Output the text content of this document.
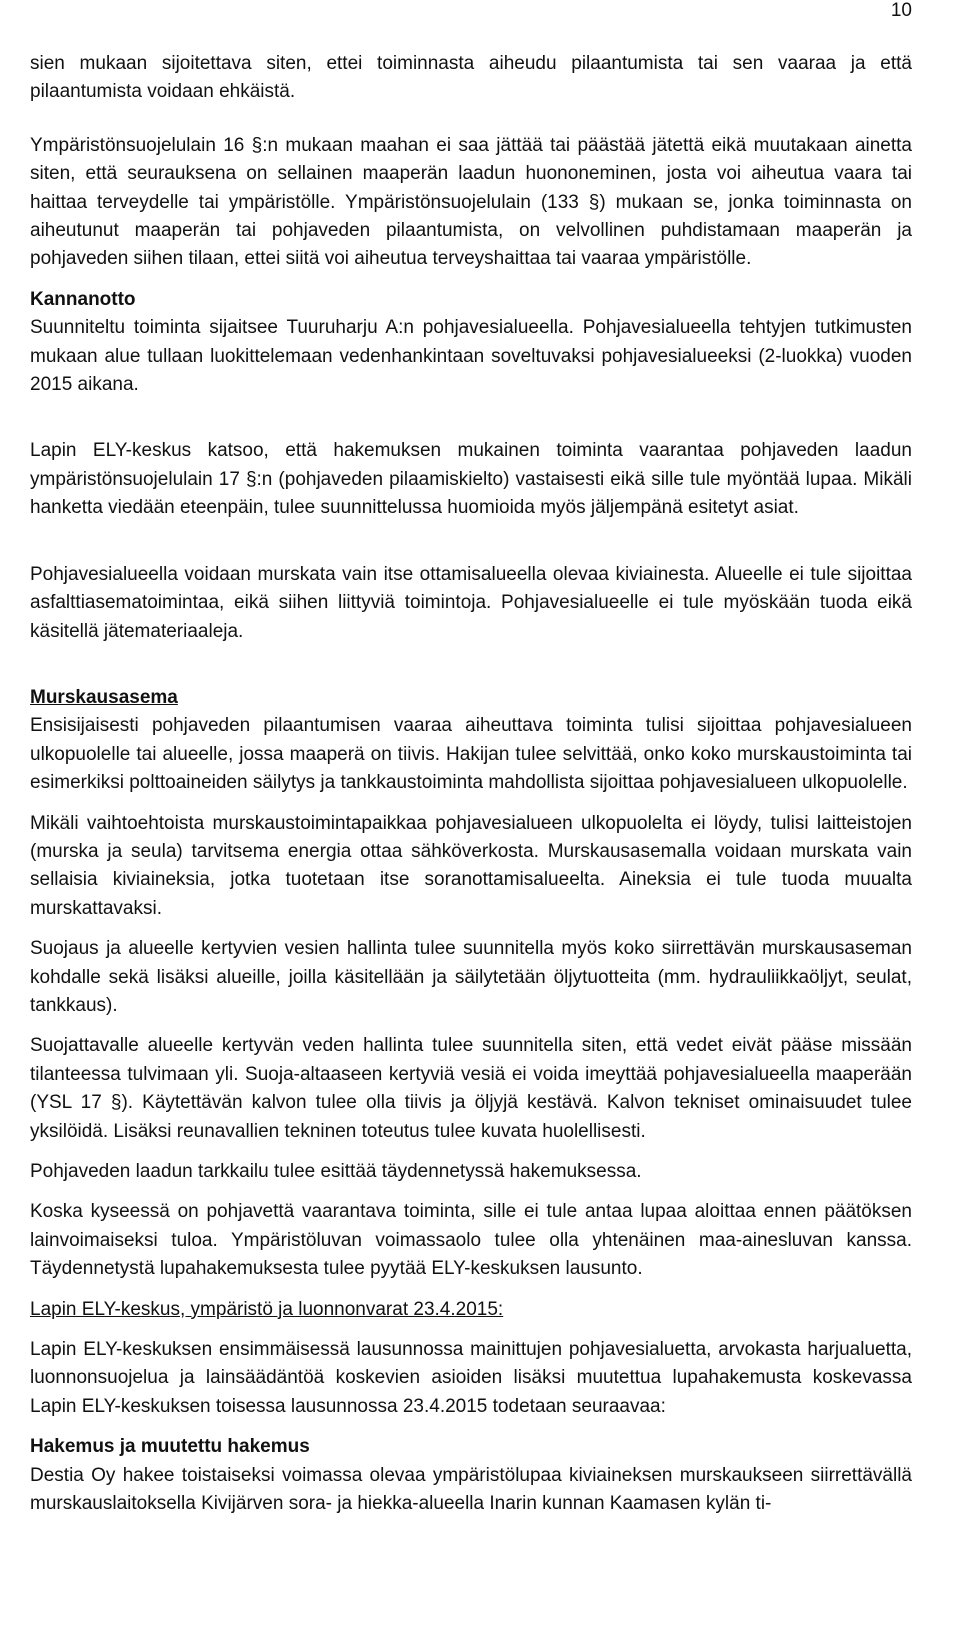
10

sien mukaan sijoitettava siten, ettei toiminnasta aiheudu pilaantumista tai sen vaaraa ja että pilaantumista voidaan ehkäistä.

Ympäristönsuojelulain 16 §:n mukaan maahan ei saa jättää tai päästää jätettä eikä muutakaan ainetta siten, että seurauksena on sellainen maaperän laadun huononeminen, josta voi aiheutua vaara tai haittaa terveydelle tai ympäristölle. Ympäristönsuojelulain (133 §) mukaan se, jonka toiminnasta on aiheutunut maaperän tai pohjaveden pilaantumista, on velvollinen puhdistamaan maaperän ja pohjaveden siihen tilaan, ettei siitä voi aiheutua terveyshaittaa tai vaaraa ympäristölle.

Kannanotto

Suunniteltu toiminta sijaitsee Tuuruharju A:n pohjavesialueella. Pohjavesialueella tehtyjen tutkimusten mukaan alue tullaan luokittelemaan vedenhankintaan soveltuvaksi pohjavesialueeksi (2-luokka) vuoden 2015 aikana.

Lapin ELY-keskus katsoo, että hakemuksen mukainen toiminta vaarantaa pohjaveden laadun ympäristönsuojelulain 17 §:n (pohjaveden pilaamiskielto) vastaisesti eikä sille tule myöntää lupaa. Mikäli hanketta viedään eteenpäin, tulee suunnittelussa huomioida myös jäljempänä esitetyt asiat.

Pohjavesialueella voidaan murskata vain itse ottamisalueella olevaa kiviainesta. Alueelle ei tule sijoittaa asfalttiasematoimintaa, eikä siihen liittyviä toimintoja. Pohjavesialueelle ei tule myöskään tuoda eikä käsitellä jätemateriaaleja.

Murskausasema

Ensisijaisesti pohjaveden pilaantumisen vaaraa aiheuttava toiminta tulisi sijoittaa pohjavesialueen ulkopuolelle tai alueelle, jossa maaperä on tiivis. Hakijan tulee selvittää, onko koko murskaustoiminta tai esimerkiksi polttoaineiden säilytys ja tankkaustoiminta mahdollista sijoittaa pohjavesialueen ulkopuolelle.

Mikäli vaihtoehtoista murskaustoimintapaikkaa pohjavesialueen ulkopuolelta ei löydy, tulisi laitteistojen (murska ja seula) tarvitsema energia ottaa sähköverkosta. Murskausasemalla voidaan murskata vain sellaisia kiviaineksia, jotka tuotetaan itse soranottamisalueelta. Aineksia ei tule tuoda muualta murskattavaksi.

Suojaus ja alueelle kertyvien vesien hallinta tulee suunnitella myös koko siirrettävän murskausaseman kohdalle sekä lisäksi alueille, joilla käsitellään ja säilytetään öljytuotteita (mm. hydrauliikkaöljyt, seulat, tankkaus).

Suojattavalle alueelle kertyvän veden hallinta tulee suunnitella siten, että vedet eivät pääse missään tilanteessa tulvimaan yli. Suoja-altaaseen kertyviä vesiä ei voida imeyttää pohjavesialueella maaperään (YSL 17 §). Käytettävän kalvon tulee olla tiivis ja öljyjä kestävä. Kalvon tekniset ominaisuudet tulee yksilöidä. Lisäksi reunavallien tekninen toteutus tulee kuvata huolellisesti.

Pohjaveden laadun tarkkailu tulee esittää täydennetyssä hakemuksessa.

Koska kyseessä on pohjavettä vaarantava toiminta, sille ei tule antaa lupaa aloittaa ennen päätöksen lainvoimaiseksi tuloa. Ympäristöluvan voimassaolo tulee olla yhtenäinen maa-ainesluvan kanssa. Täydennetystä lupahakemuksesta tulee pyytää ELY-keskuksen lausunto.

Lapin ELY-keskus, ympäristö ja luonnonvarat 23.4.2015:

Lapin ELY-keskuksen ensimmäisessä lausunnossa mainittujen pohjavesialuetta, arvokasta harjualuetta, luonnonsuojelua ja lainsäädäntöä koskevien asioiden lisäksi muutettua lupahakemusta koskevassa Lapin ELY-keskuksen toisessa lausunnossa 23.4.2015 todetaan seuraavaa:

Hakemus ja muutettu hakemus

Destia Oy hakee toistaiseksi voimassa olevaa ympäristölupaa kiviaineksen murskaukseen siirrettävällä murskauslaitoksella Kivijärven sora- ja hiekka-alueella Inarin kunnan Kaamasen kylän ti-
